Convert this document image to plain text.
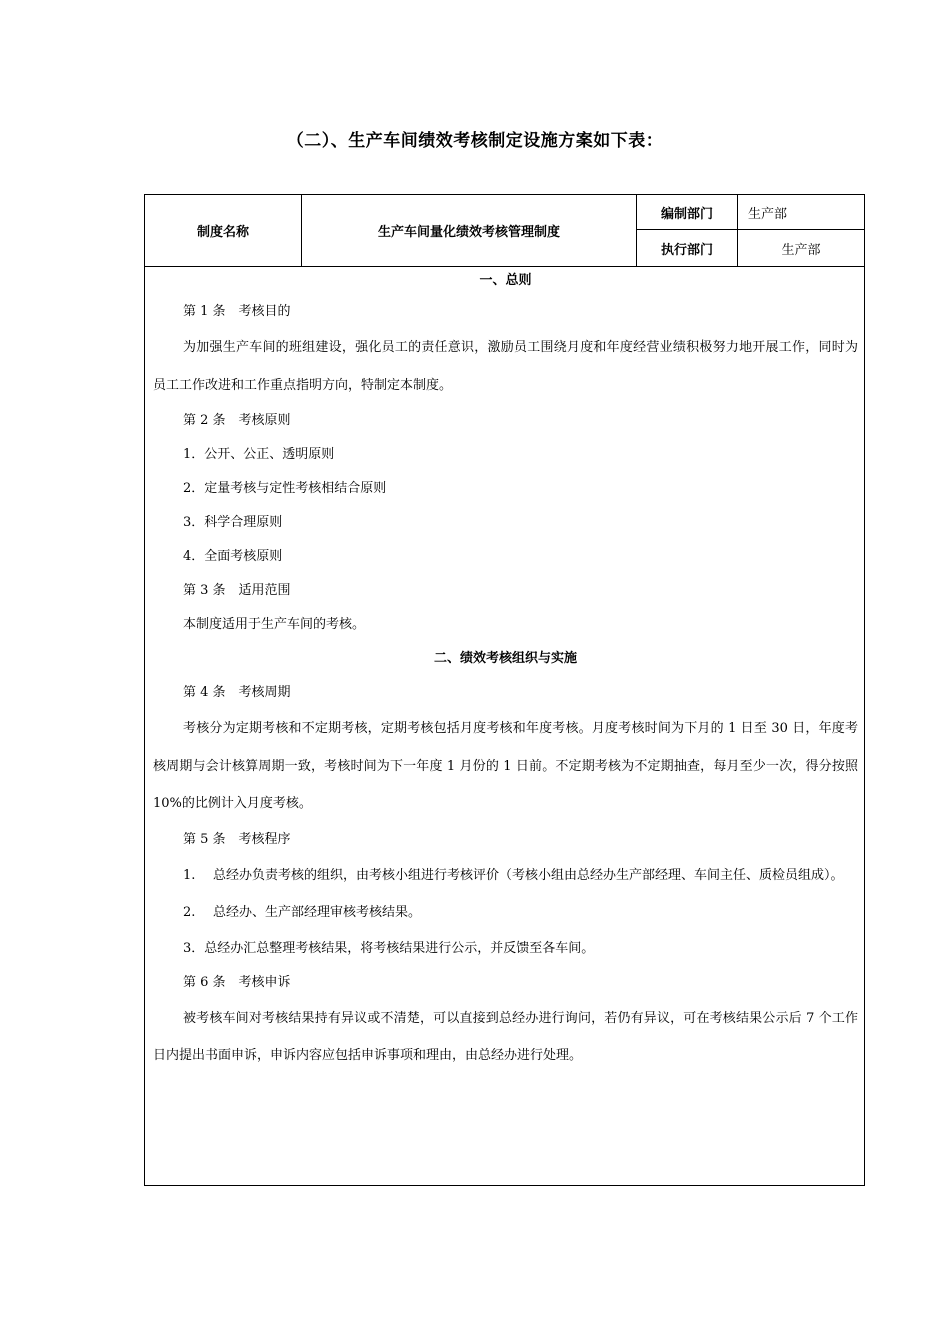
（二）、生产车间绩效考核制定设施方案如下表：
制度名称	生产车间量化绩效考核管理制度
编制部门	生产部
执行部门	生产部
一、总则
第 1 条　考核目的

为加强生产车间的班组建设，强化员工的责任意识，激励员工围绕月度和年度经营业绩积极努力地开展工作，同时为员工工作改进和工作重点指明方向，特制定本制度。

第 2 条　考核原则
1．公开、公正、透明原则
2．定量考核与定性考核相结合原则
3．科学合理原则
4．全面考核原则
第 3 条　适用范围
本制度适用于生产车间的考核。
二、绩效考核组织与实施
第 4 条　考核周期

考核分为定期考核和不定期考核，定期考核包括月度考核和年度考核。月度考核时间为下月的 1 日至 30 日，年度考核周期与会计核算周期一致，考核时间为下一年度 1 月份的 1 日前。不定期考核为不定期抽查，每月至少一次，得分按照 10%的比例计入月度考核。

第 5 条　考核程序
1.	总经办负责考核的组织，由考核小组进行考核评价（考核小组由总经办生产部经理、车间主任、质检员组成）。
2.	总经办、生产部经理审核考核结果。
3．总经办汇总整理考核结果，将考核结果进行公示，并反馈至各车间。
第 6 条　考核申诉

被考核车间对考核结果持有异议或不清楚，可以直接到总经办进行询问，若仍有异议，可在考核结果公示后 7 个工作日内提出书面申诉，申诉内容应包括申诉事项和理由，由总经办进行处理。
